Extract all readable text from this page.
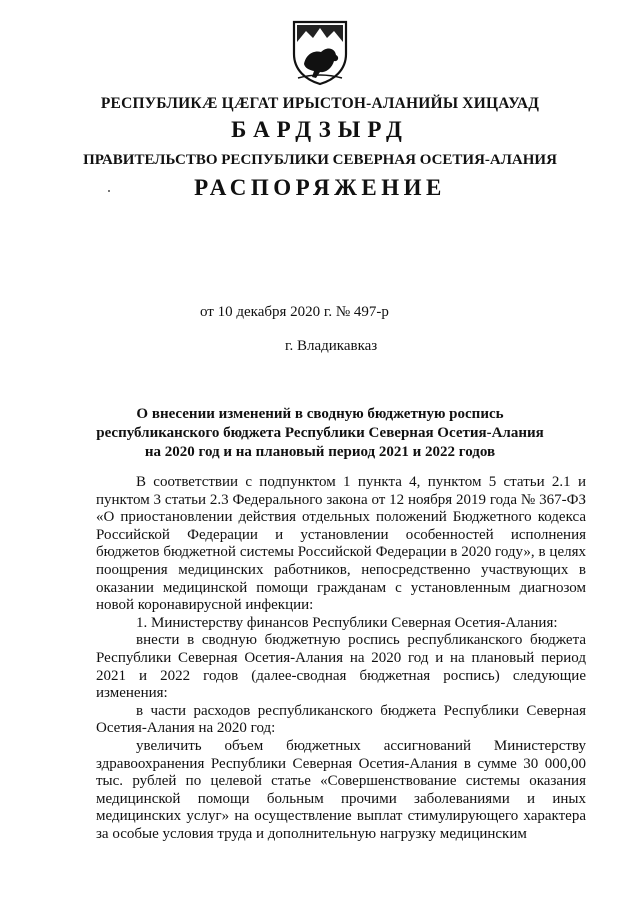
РЕСПУБЛИКÆ ЦÆГАТ ИРЫСТОН-АЛАНИЙЫ ХИЦАУАД
БАРДЗЫРД
ПРАВИТЕЛЬСТВО РЕСПУБЛИКИ СЕВЕРНАЯ ОСЕТИЯ-АЛАНИЯ
РАСПОРЯЖЕНИЕ
от 10 декабря 2020 г. № 497-р
г. Владикавказ
О внесении изменений в сводную бюджетную роспись
республиканского бюджета Республики Северная Осетия-Алания
на 2020 год и на плановый период 2021 и 2022 годов

В соответствии с подпунктом 1 пункта 4, пунктом 5 статьи 2.1 и пунктом 3 статьи 2.3 Федерального закона от 12 ноября 2019 года № 367-ФЗ «О приостановлении действия отдельных положений Бюджетного кодекса Российской Федерации и установлении особенностей исполнения бюджетов бюджетной системы Российской Федерации в 2020 году», в целях поощрения медицинских работников, непосредственно участвующих в оказании медицинской помощи гражданам с установленным диагнозом новой коронавирусной инфекции:

1. Министерству финансов Республики Северная Осетия-Алания:

внести в сводную бюджетную роспись республиканского бюджета Республики Северная Осетия-Алания на 2020 год и на плановый период 2021 и 2022 годов (далее-сводная бюджетная роспись) следующие изменения:

в части расходов республиканского бюджета Республики Северная Осетия-Алания на 2020 год:

увеличить объем бюджетных ассигнований Министерству здравоохранения Республики Северная Осетия-Алания в сумме 30 000,00 тыс. рублей по целевой статье «Совершенствование системы оказания медицинской помощи больным прочими заболеваниями и иных медицинских услуг» на осуществление выплат стимулирующего характера за особые условия труда и дополнительную нагрузку медицинским
